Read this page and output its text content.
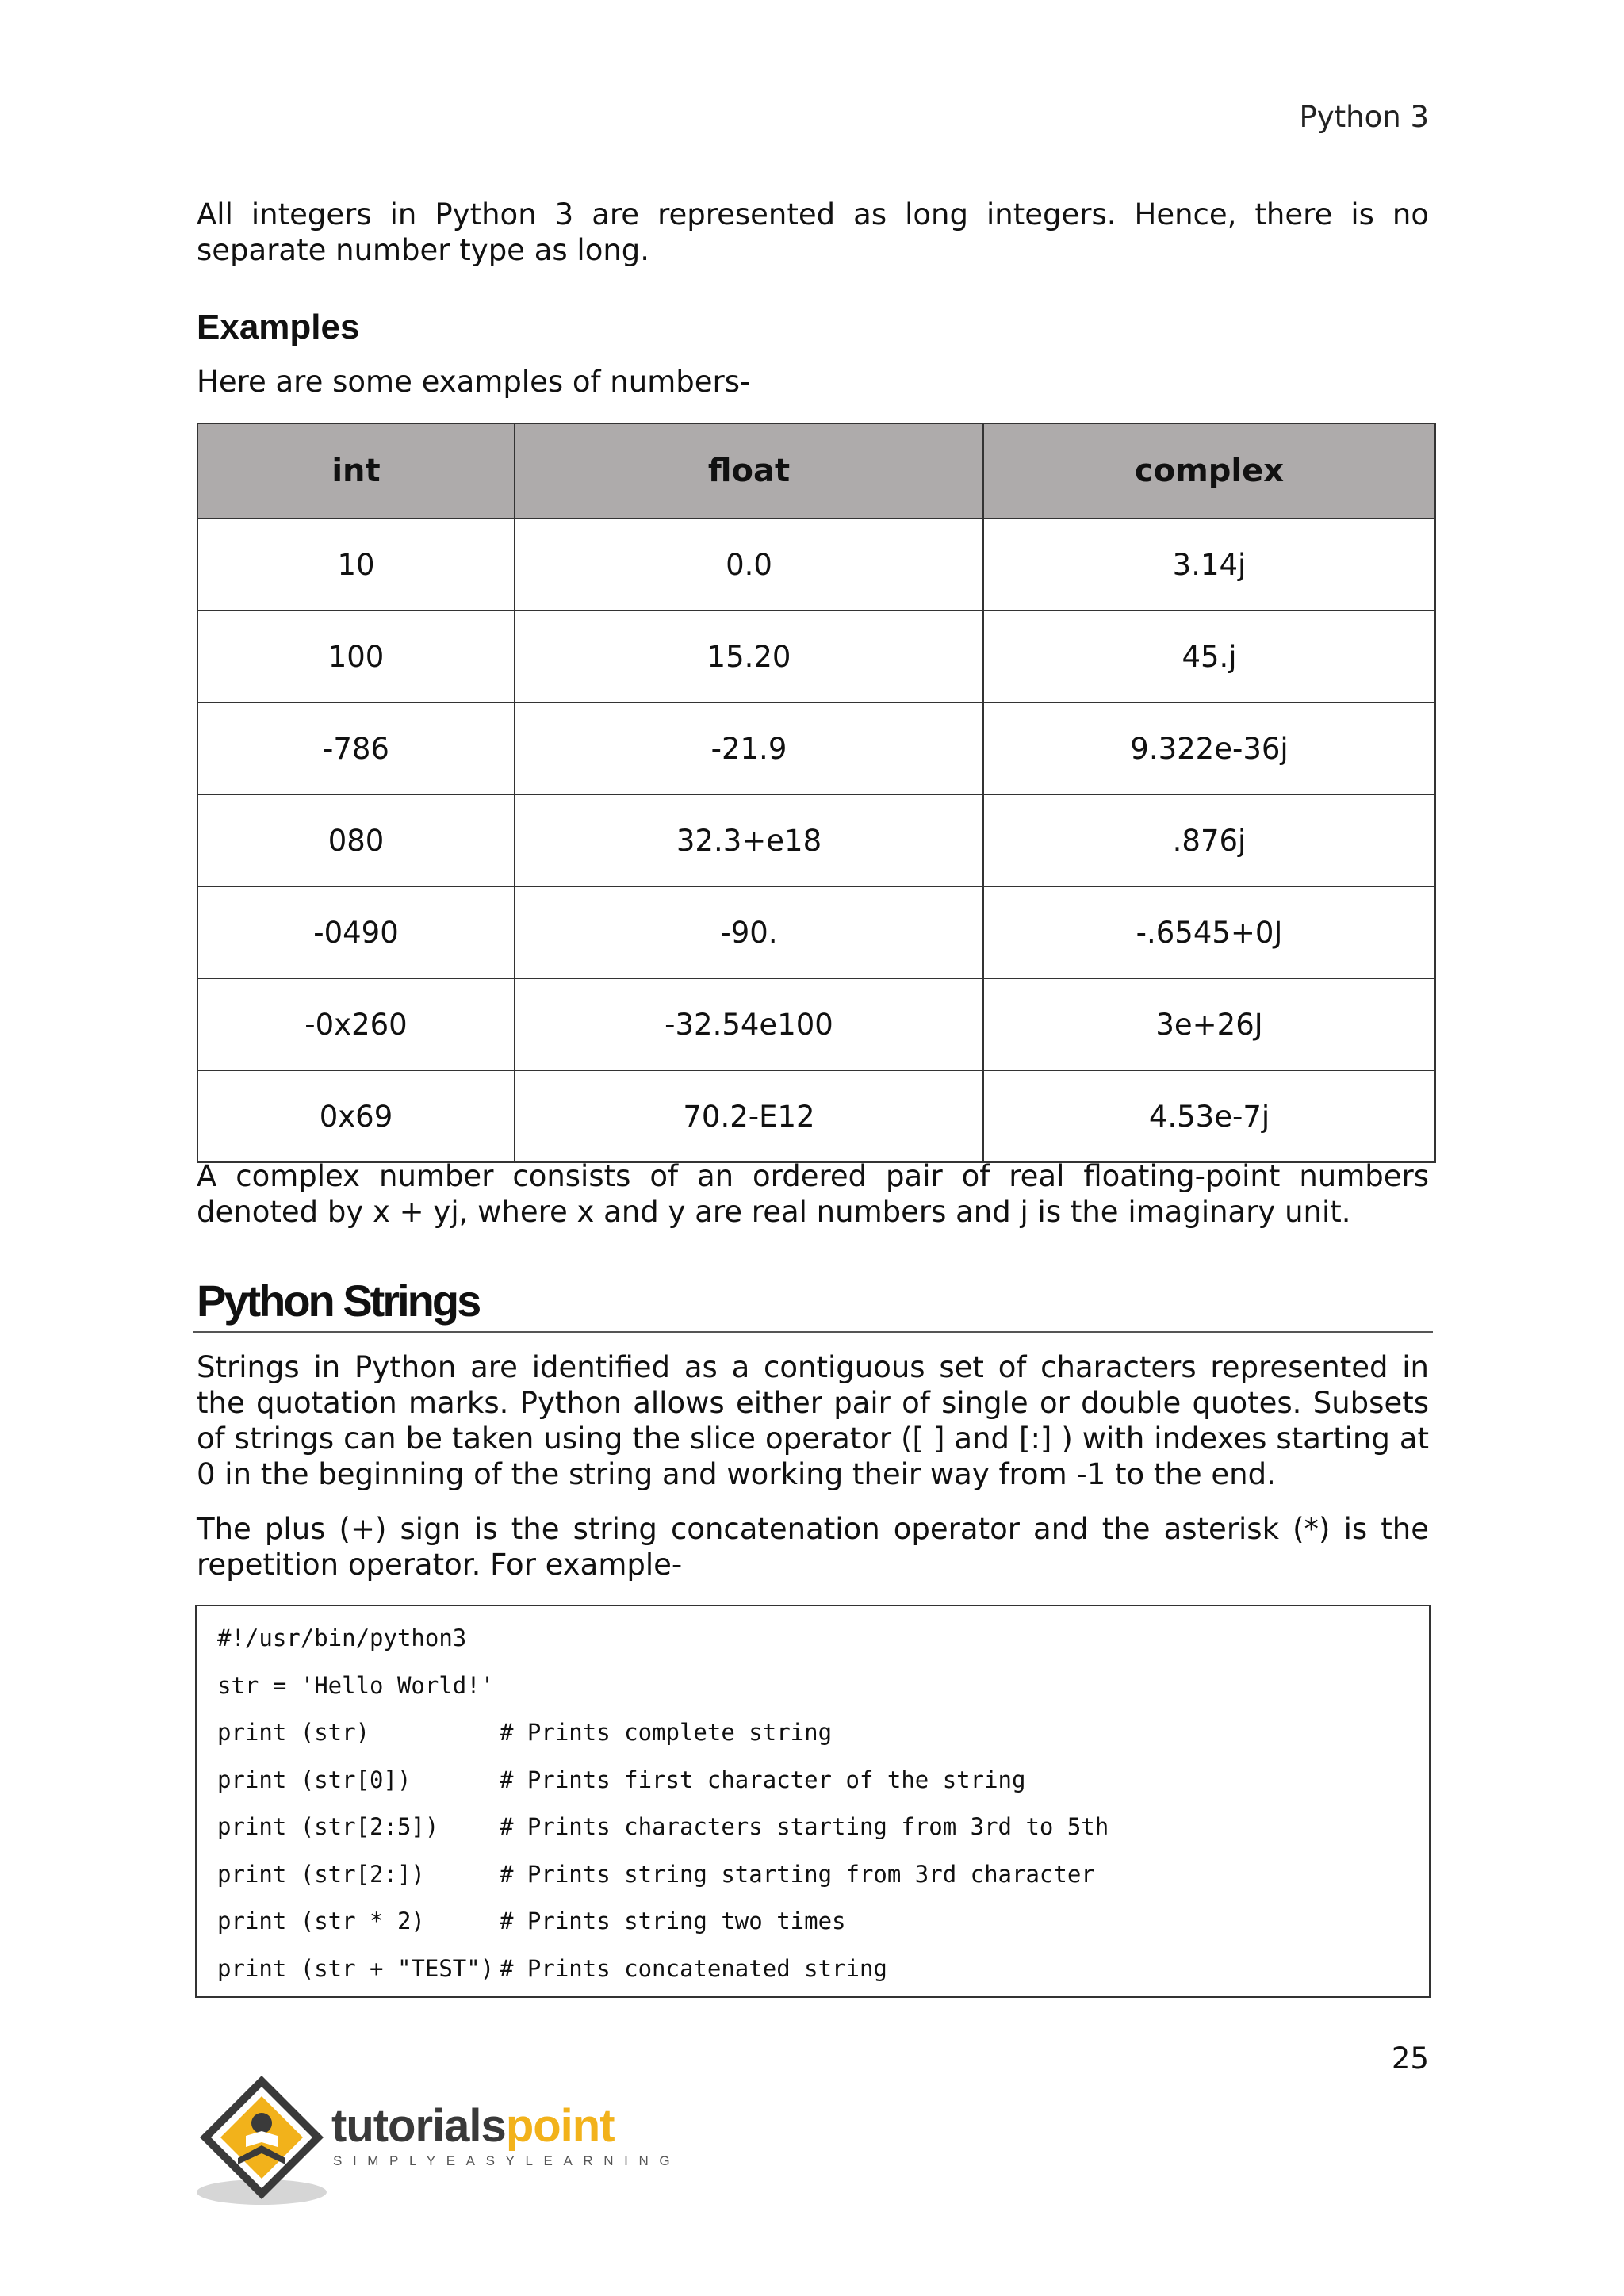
Python 3
All integers in Python 3 are represented as long integers. Hence, there is no separate number type as long.
Examples
Here are some examples of numbers-
int	float	complex
10	0.0	3.14j
100	15.20	45.j
-786	-21.9	9.322e-36j
080	32.3+e18	.876j
-0490	-90.	-.6545+0J
-0x260	-32.54e100	3e+26J
0x69	70.2-E12	4.53e-7j
A complex number consists of an ordered pair of real floating-point numbers denoted by x + yj, where x and y are real numbers and j is the imaginary unit.
Python Strings
Strings in Python are identified as a contiguous set of characters represented in the quotation marks. Python allows either pair of single or double quotes. Subsets of strings can be taken using the slice operator ([ ] and [:] ) with indexes starting at 0 in the beginning of the string and working their way from -1 to the end.
The plus (+) sign is the string concatenation operator and the asterisk (*) is the repetition operator. For example-
#!/usr/bin/python3
str = 'Hello World!'
print (str)	# Prints complete string
print (str[0])	# Prints first character of the string
print (str[2:5])	# Prints characters starting from 3rd to 5th
print (str[2:])	# Prints string starting from 3rd character
print (str * 2)	# Prints string two times
print (str + "TEST") # Prints concatenated string
25
tutorialspoint
SIMPLYEASYLEARNING
